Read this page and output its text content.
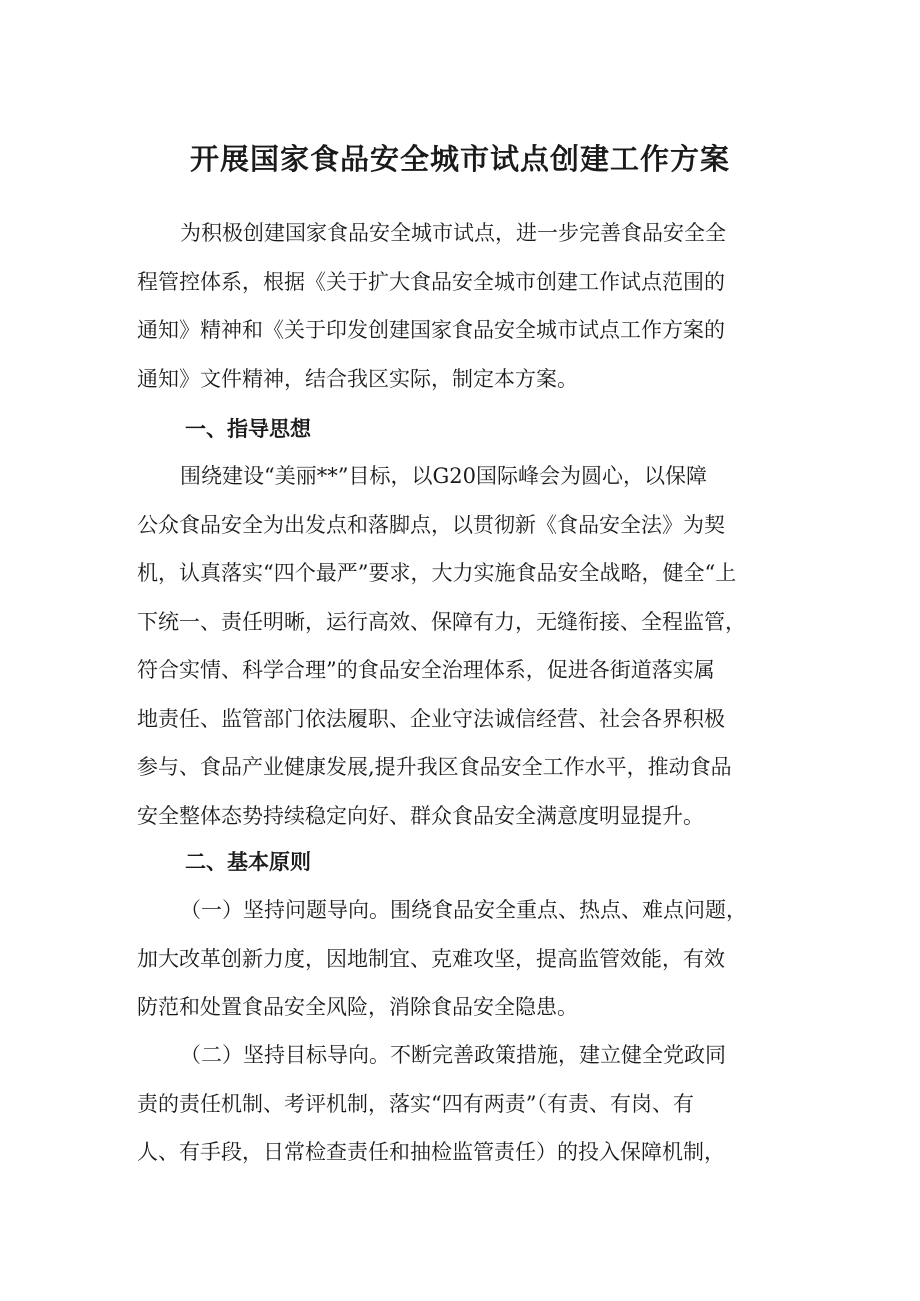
开展国家食品安全城市试点创建工作方案

为积极创建国家食品安全城市试点，进一步完善食品安全全
程管控体系，根据《关于扩大食品安全城市创建工作试点范围的
通知》精神和《关于印发创建国家食品安全城市试点工作方案的
通知》文件精神，结合我区实际，制定本方案。

一、指导思想

围绕建设“美丽**”目标，以G20国际峰会为圆心，以保障
公众食品安全为出发点和落脚点，以贯彻新《食品安全法》为契
机，认真落实“四个最严”要求，大力实施食品安全战略，健全“上
下统一、责任明晰，运行高效、保障有力，无缝衔接、全程监管，
符合实情、科学合理”的食品安全治理体系，促进各街道落实属
地责任、监管部门依法履职、企业守法诚信经营、社会各界积极
参与、食品产业健康发展,提升我区食品安全工作水平，推动食品
安全整体态势持续稳定向好、群众食品安全满意度明显提升。

二、基本原则

（一）坚持问题导向。围绕食品安全重点、热点、难点问题，
加大改革创新力度，因地制宜、克难攻坚，提高监管效能，有效
防范和处置食品安全风险，消除食品安全隐患。

（二）坚持目标导向。不断完善政策措施，建立健全党政同
责的责任机制、考评机制，落实“四有两责”（有责、有岗、有
人、有手段，日常检查责任和抽检监管责任）的投入保障机制，
